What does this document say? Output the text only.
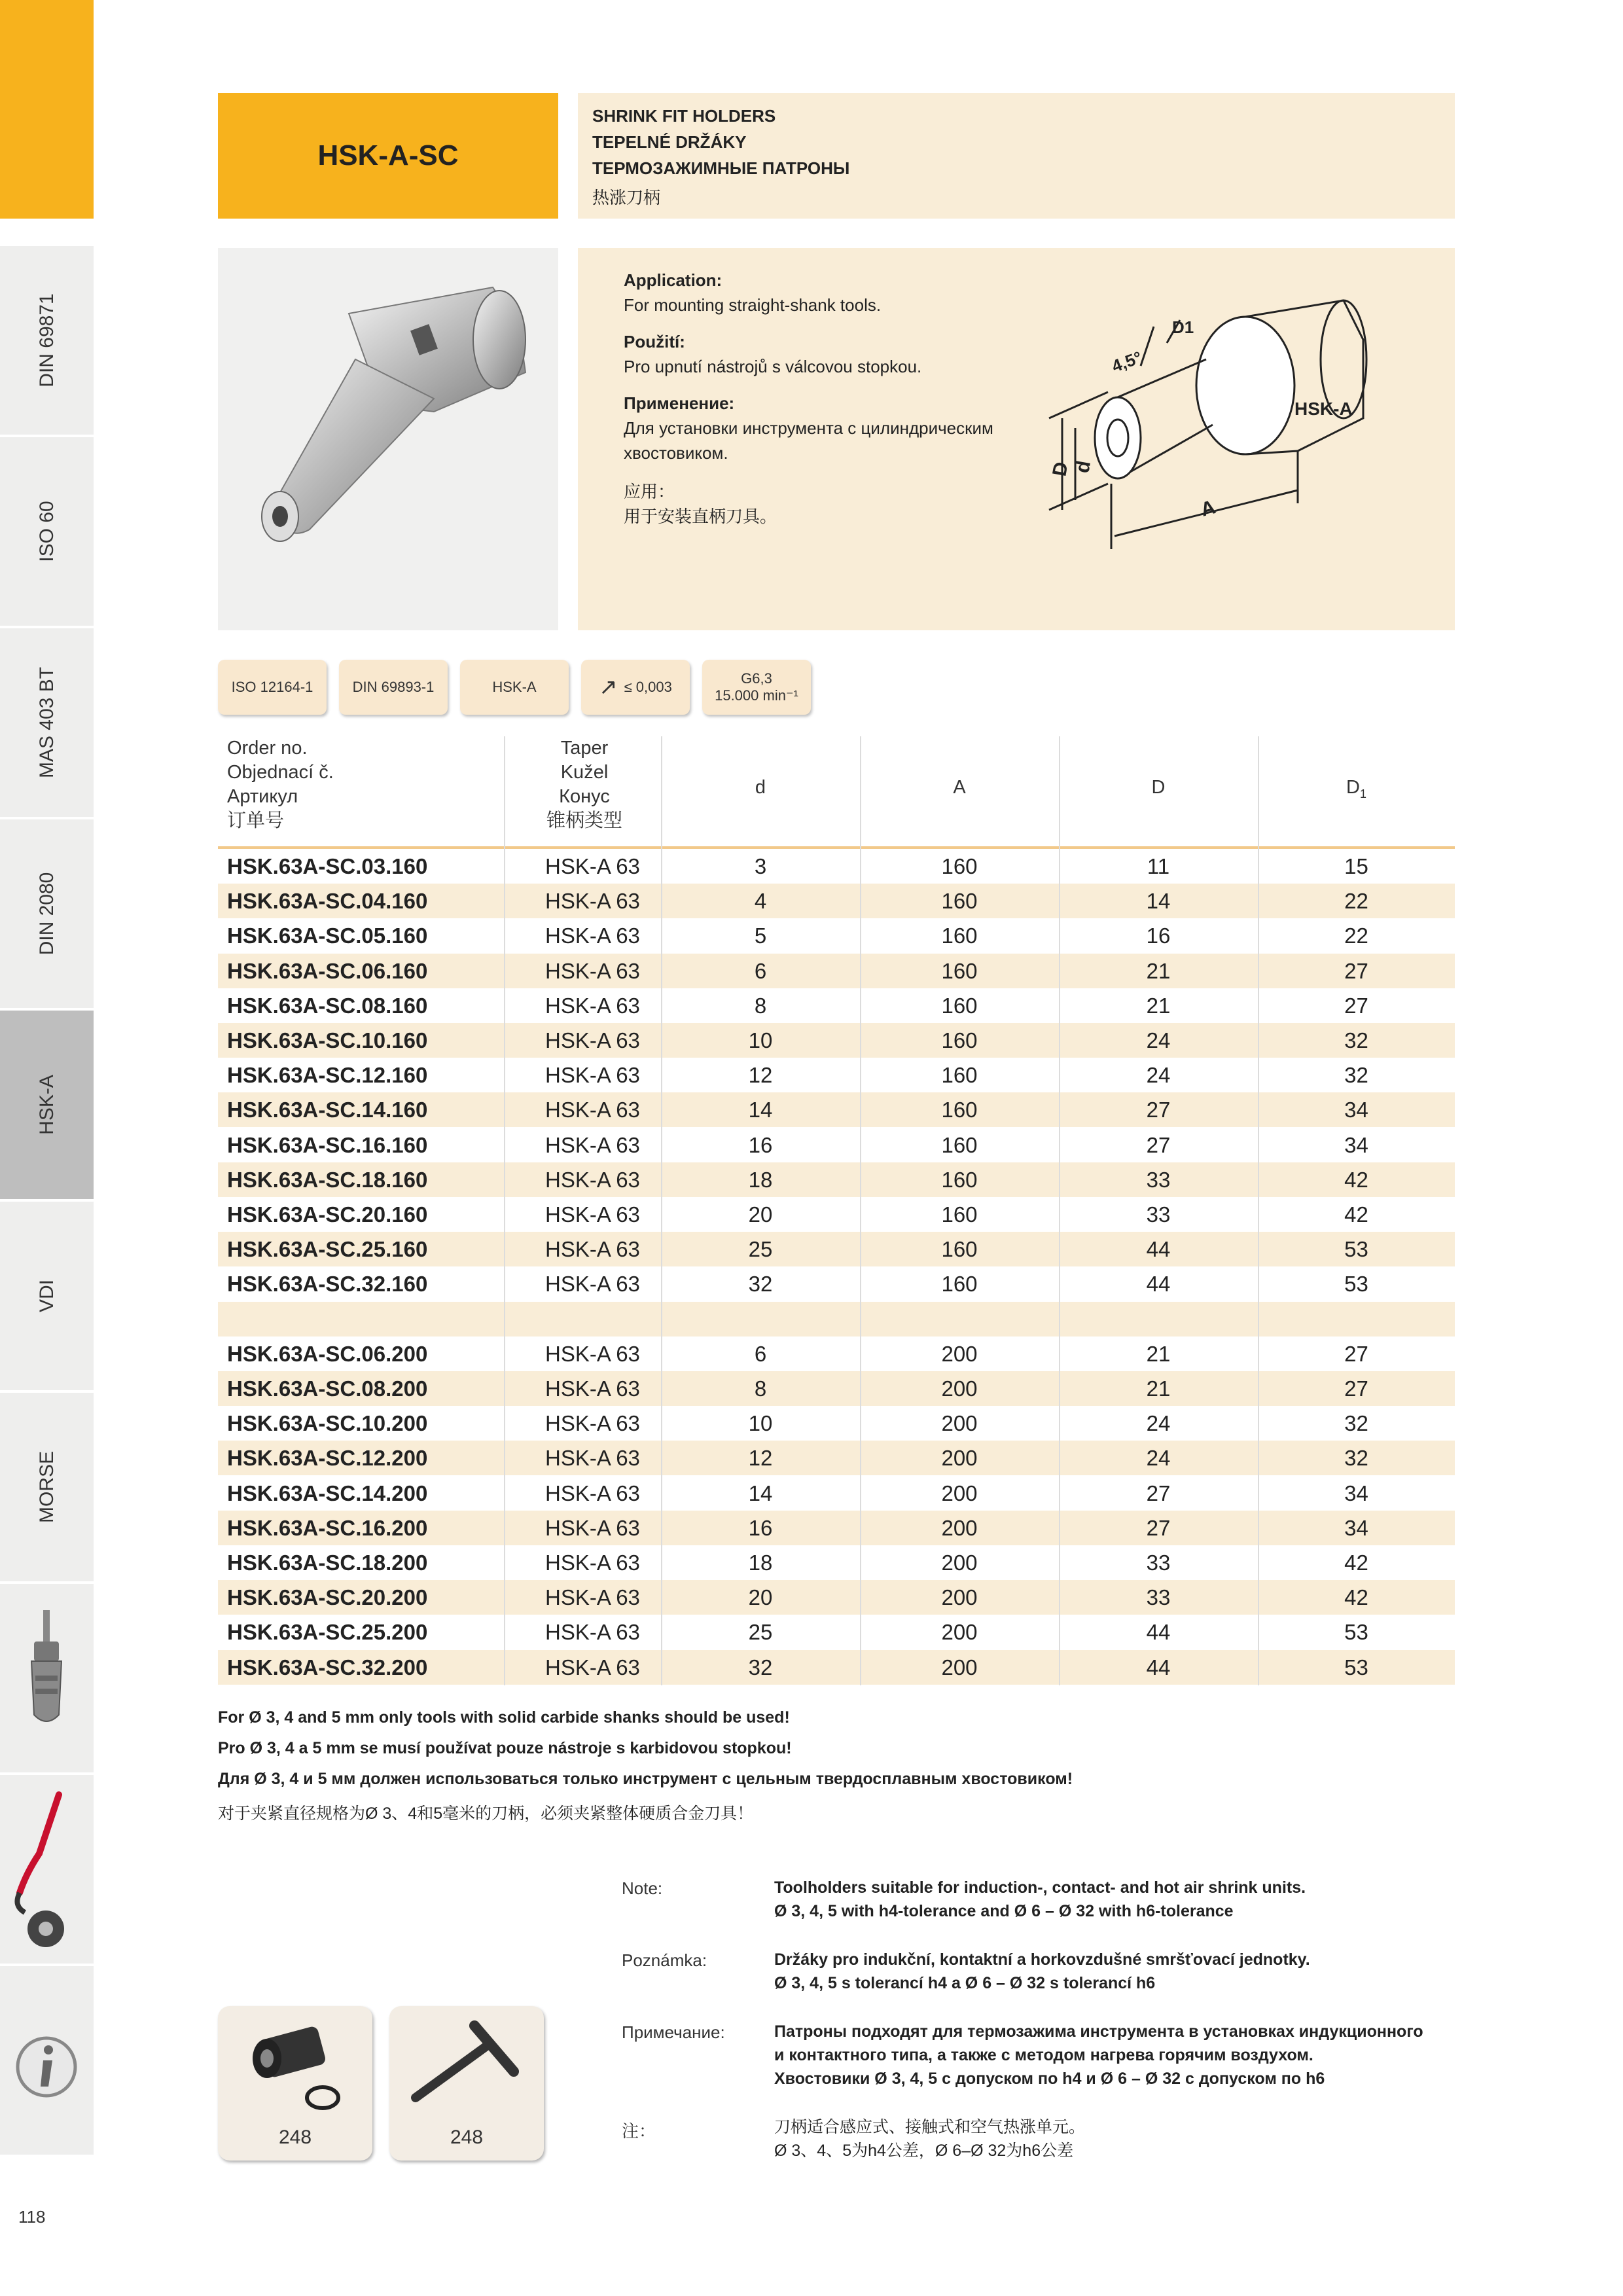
DIN 69871
ISO 60
MAS 403 BT
DIN 2080
HSK-A
VDI
MORSE
HSK-A-SC
SHRINK FIT HOLDERS
TEPELNÉ DRŽÁKY
ТЕРМОЗАЖИМНЫЕ ПАТРОНЫ
热涨刀柄
Application:
For mounting straight-shank tools.
Použití:
Pro upnutí nástrojů s válcovou stopkou.
Применение:
Для установки инструмента с цилиндрическим
хвостовиком.
应用：
用于安装直柄刀具。
D
d
A
4,5°
D1
HSK-A
ISO 12164-1	DIN 69893-1	HSK-A	↗ ≤ 0,003
G6,3
15.000 min⁻¹
Order no.
Objednací č.
Артикул
订单号
Taper
Kužel
Конус
锥柄类型
d	A	D	$D_1$
HSK.63A-SC.03.160	HSK-A 63	3	160	11	15
HSK.63A-SC.04.160	HSK-A 63	4	160	14	22
HSK.63A-SC.05.160	HSK-A 63	5	160	16	22
HSK.63A-SC.06.160	HSK-A 63	6	160	21	27
HSK.63A-SC.08.160	HSK-A 63	8	160	21	27
HSK.63A-SC.10.160	HSK-A 63	10	160	24	32
HSK.63A-SC.12.160	HSK-A 63	12	160	24	32
HSK.63A-SC.14.160	HSK-A 63	14	160	27	34
HSK.63A-SC.16.160	HSK-A 63	16	160	27	34
HSK.63A-SC.18.160	HSK-A 63	18	160	33	42
HSK.63A-SC.20.160	HSK-A 63	20	160	33	42
HSK.63A-SC.25.160	HSK-A 63	25	160	44	53
HSK.63A-SC.32.160	HSK-A 63	32	160	44	53
HSK.63A-SC.06.200	HSK-A 63	6	200	21	27
HSK.63A-SC.08.200	HSK-A 63	8	200	21	27
HSK.63A-SC.10.200	HSK-A 63	10	200	24	32
HSK.63A-SC.12.200	HSK-A 63	12	200	24	32
HSK.63A-SC.14.200	HSK-A 63	14	200	27	34
HSK.63A-SC.16.200	HSK-A 63	16	200	27	34
HSK.63A-SC.18.200	HSK-A 63	18	200	33	42
HSK.63A-SC.20.200	HSK-A 63	20	200	33	42
HSK.63A-SC.25.200	HSK-A 63	25	200	44	53
HSK.63A-SC.32.200	HSK-A 63	32	200	44	53
For Ø 3, 4 and 5 mm only tools with solid carbide shanks should be used!
Pro Ø 3, 4 a 5 mm se musí používat pouze nástroje s karbidovou stopkou!
Для Ø 3, 4 и 5 мм должен использоваться только инструмент с цельным твердосплавным хвостовиком!
对于夹紧直径规格为Ø 3、4和5毫米的刀柄，必须夹紧整体硬质合金刀具！
Note:	Toolholders suitable for induction-, contact- and hot air shrink units.
Ø 3, 4, 5 with h4-tolerance and Ø 6 – Ø 32 with h6-tolerance
Poznámka:	Držáky pro indukční, kontaktní a horkovzdušné smršťovací jednotky.
Ø 3, 4, 5 s tolerancí h4 a Ø 6 – Ø 32 s tolerancí h6
Примечание:	Патроны подходят для термозажима инструмента в установках индукционного
и контактного типа, а также с методом нагрева горячим воздухом.
Хвостовики Ø 3, 4, 5 с допуском по h4 и Ø 6 – Ø 32 с допуском по h6
注：	刀柄适合感应式、接触式和空气热涨单元。
Ø 3、4、5为h4公差，Ø 6–Ø 32为h6公差
248	248
118
